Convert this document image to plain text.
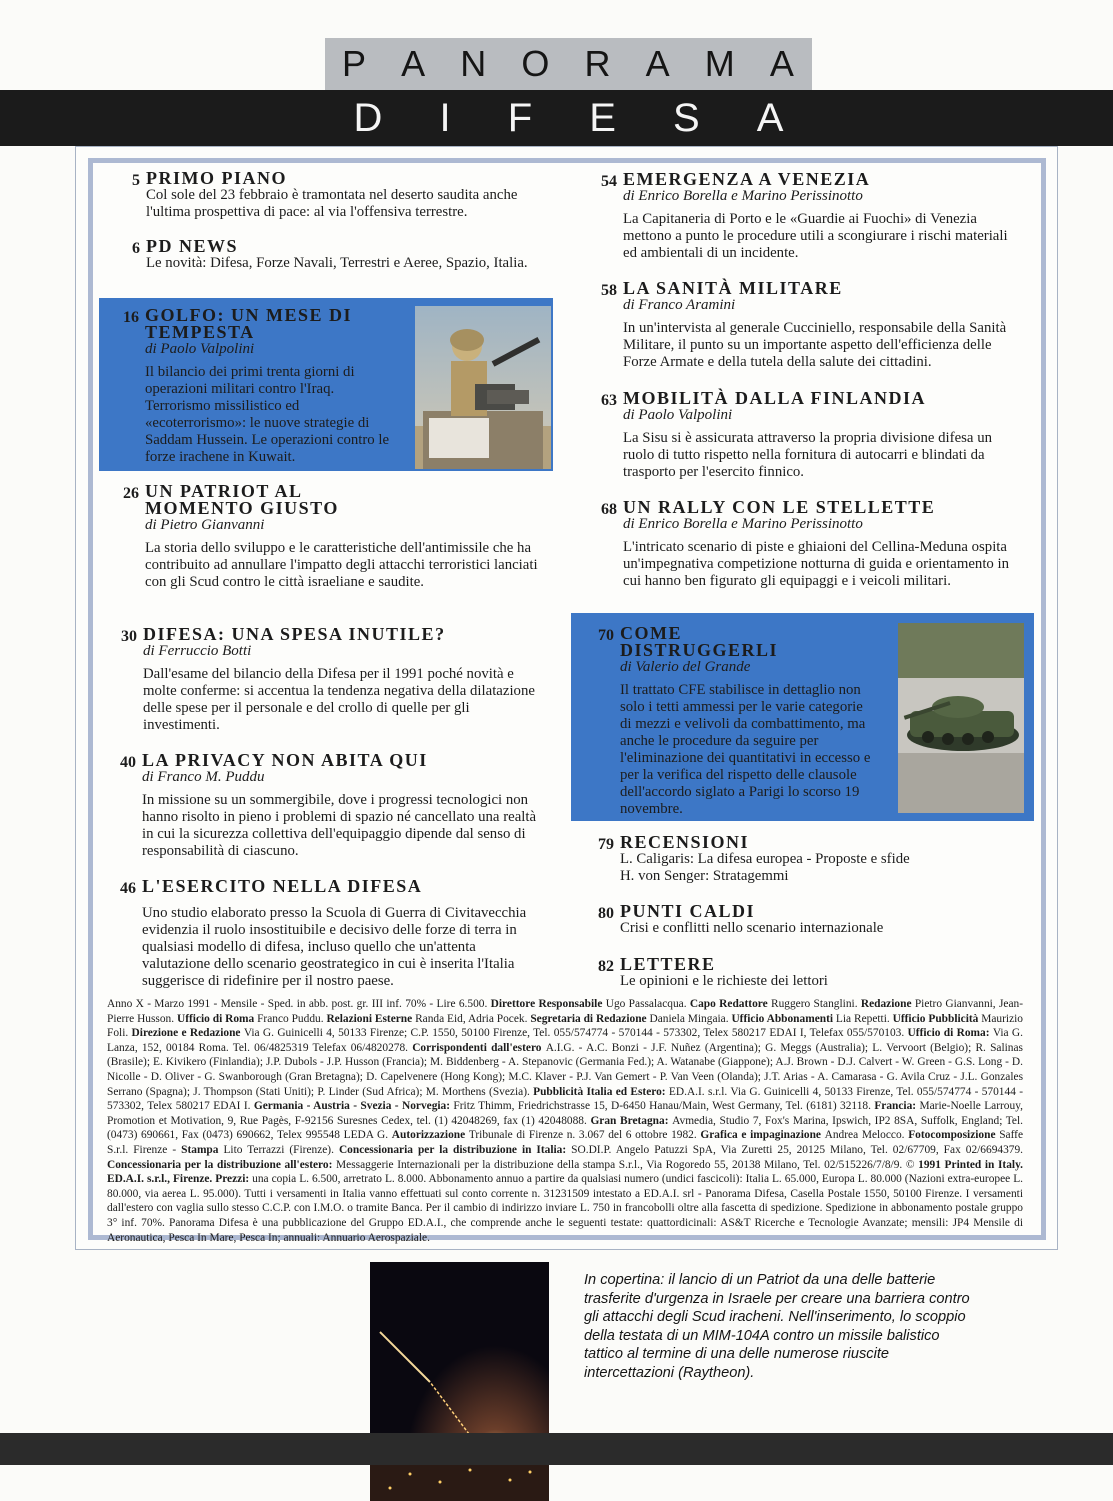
P A N O R A M A
D I F E S A
5 PRIMO PIANO
Col sole del 23 febbraio è tramontata nel deserto saudita anche l'ultima prospettiva di pace: al via l'offensiva terrestre.
6 PD NEWS
Le novità: Difesa, Forze Navali, Terrestri e Aeree, Spazio, Italia.
16 GOLFO: UN MESE DI TEMPESTA
di Paolo Valpolini
Il bilancio dei primi trenta giorni di operazioni militari contro l'Iraq. Terrorismo missilistico ed «ecoterrorismo»: le nuove strategie di Saddam Hussein. Le operazioni contro le forze irachene in Kuwait.
26 UN PATRIOT AL MOMENTO GIUSTO
di Pietro Gianvanni
La storia dello sviluppo e le caratteristiche dell'antimissile che ha contribuito ad annullare l'impatto degli attacchi terroristici lanciati con gli Scud contro le città israeliane e saudite.
30 DIFESA: UNA SPESA INUTILE?
di Ferruccio Botti
Dall'esame del bilancio della Difesa per il 1991 poché novità e molte conferme: si accentua la tendenza negativa della dilatazione delle spese per il personale e del crollo di quelle per gli investimenti.
40 LA PRIVACY NON ABITA QUI
di Franco M. Puddu
In missione su un sommergibile, dove i progressi tecnologici non hanno risolto in pieno i problemi di spazio né cancellato una realtà in cui la sicurezza collettiva dell'equipaggio dipende dal senso di responsabilità di ciascuno.
46 L'ESERCITO NELLA DIFESA
Uno studio elaborato presso la Scuola di Guerra di Civitavecchia evidenzia il ruolo insostituibile e decisivo delle forze di terra in qualsiasi modello di difesa, incluso quello che un'attenta valutazione dello scenario geostrategico in cui è inserita l'Italia suggerisce di ridefinire per il nostro paese.
54 EMERGENZA A VENEZIA
di Enrico Borella e Marino Perissinotto
La Capitaneria di Porto e le «Guardie ai Fuochi» di Venezia mettono a punto le procedure utili a scongiurare i rischi materiali ed ambientali di un incidente.
58 LA SANITÀ MILITARE
di Franco Aramini
In un'intervista al generale Cucciniello, responsabile della Sanità Militare, il punto su un importante aspetto dell'efficienza delle Forze Armate e della tutela della salute dei cittadini.
63 MOBILITÀ DALLA FINLANDIA
di Paolo Valpolini
La Sisu si è assicurata attraverso la propria divisione difesa un ruolo di tutto rispetto nella fornitura di autocarri e blindati da trasporto per l'esercito finnico.
68 UN RALLY CON LE STELLETTE
di Enrico Borella e Marino Perissinotto
L'intricato scenario di piste e ghiaioni del Cellina-Meduna ospita un'impegnativa competizione notturna di guida e orientamento in cui hanno ben figurato gli equipaggi e i veicoli militari.
70 COME DISTRUGGERLI
di Valerio del Grande
Il trattato CFE stabilisce in dettaglio non solo i tetti ammessi per le varie categorie di mezzi e velivoli da combattimento, ma anche le procedure da seguire per l'eliminazione dei quantitativi in eccesso e per la verifica del rispetto delle clausole dell'accordo siglato a Parigi lo scorso 19 novembre.
79 RECENSIONI
L. Caligaris: La difesa europea - Proposte e sfide
H. von Senger: Stratagemmi
80 PUNTI CALDI
Crisi e conflitti nello scenario internazionale
82 LETTERE
Le opinioni e le richieste dei lettori
Anno X - Marzo 1991 - Mensile - Sped. in abb. post. gr. III inf. 70% - Lire 6.500. Direttore Responsabile Ugo Passalacqua. Capo Redattore Ruggero Stanglini. Redazione Pietro Gianvanni, Jean-Pierre Husson. Ufficio di Roma Franco Puddu. Relazioni Esterne Randa Eid, Adria Pocek. Segretaria di Redazione Daniela Mingaia. Ufficio Abbonamenti Lia Repetti. Ufficio Pubblicità Maurizio Foli. Direzione e Redazione Via G. Guinicelli 4, 50133 Firenze; C.P. 1550, 50100 Firenze, Tel. 055/574774 - 570144 - 573302, Telex 580217 EDAI I, Telefax 055/570103. Ufficio di Roma: Via G. Lanza, 152, 00184 Roma. Tel. 06/4825319 Telefax 06/4820278. Corrispondenti dall'estero A.I.G. - A.C. Bonzi - J.F. Nuñez (Argentina); G. Meggs (Australia); L. Vervoort (Belgio); R. Salinas (Brasile); E. Kivikero (Finlandia); J.P. Dubols - J.P. Husson (Francia); M. Biddenberg - A. Stepanovic (Germania Fed.); A. Watanabe (Giappone); A.J. Brown - D.J. Calvert - W. Green - G.S. Long - D. Nicolle - D. Oliver - G. Swanborough (Gran Bretagna); D. Capelvenere (Hong Kong); M.C. Klaver - P.J. Van Gemert - P. Van Veen (Olanda); J.T. Arias - A. Camarasa - G. Avila Cruz - J.L. Gonzales Serrano (Spagna); J. Thompson (Stati Uniti); P. Linder (Sud Africa); M. Morthens (Svezia). Pubblicità Italia ed Estero: ED.A.I. s.r.l. Via G. Guinicelli 4, 50133 Firenze, Tel. 055/574774 - 570144 - 573302, Telex 580217 EDAI I. Germania - Austria - Svezia - Norvegia: Fritz Thimm, Friedrichstrasse 15, D-6450 Hanau/Main, West Germany, Tel. (6181) 32118. Francia: Marie-Noelle Larrouy, Promotion et Motivation, 9, Rue Pagès, F-92156 Suresnes Cedex, tel. (1) 42048269, fax (1) 42048088. Gran Bretagna: Avmedia, Studio 7, Fox's Marina, Ipswich, IP2 8SA, Suffolk, England; Tel. (0473) 690661, Fax (0473) 690662, Telex 995548 LEDA G. Autorizzazione Tribunale di Firenze n. 3.067 del 6 ottobre 1982. Grafica e impaginazione Andrea Melocco. Fotocomposizione Saffe S.r.l. Firenze - Stampa Lito Terrazzi (Firenze). Concessionaria per la distribuzione in Italia: SO.DI.P. Angelo Patuzzi SpA, Via Zuretti 25, 20125 Milano, Tel. 02/67709, Fax 02/6694379. Concessionaria per la distribuzione all'estero: Messaggerie Internazionali per la distribuzione della stampa S.r.l., Via Rogoredo 55, 20138 Milano, Tel. 02/515226/7/8/9. © 1991 Printed in Italy. ED.A.I. s.r.l., Firenze. Prezzi: una copia L. 6.500, arretrato L. 8.000. Abbonamento annuo a partire da qualsiasi numero (undici fascicoli): Italia L. 65.000, Europa L. 80.000 (Nazioni extra-europee L. 80.000, via aerea L. 95.000). Tutti i versamenti in Italia vanno effettuati sul conto corrente n. 31231509 intestato a ED.A.I. srl - Panorama Difesa, Casella Postale 1550, 50100 Firenze. I versamenti dall'estero con vaglia sullo stesso C.C.P. con I.M.O. o tramite Banca. Per il cambio di indirizzo inviare L. 750 in francobolli oltre alla fascetta di spedizione. Spedizione in abbonamento postale gruppo 3° inf. 70%. Panorama Difesa è una pubblicazione del Gruppo ED.A.I., che comprende anche le seguenti testate: quattordicinali: AS&T Ricerche e Tecnologie Avanzate; mensili: JP4 Mensile di Aeronautica, Pesca In Mare, Pesca In; annuali: Annuario Aerospaziale.
In copertina: il lancio di un Patriot da una delle batterie trasferite d'urgenza in Israele per creare una barriera contro gli attacchi degli Scud iracheni. Nell'inserimento, lo scoppio della testata di un MIM-104A contro un missile balistico tattico al termine di una delle numerose riuscite intercettazioni (Raytheon).
